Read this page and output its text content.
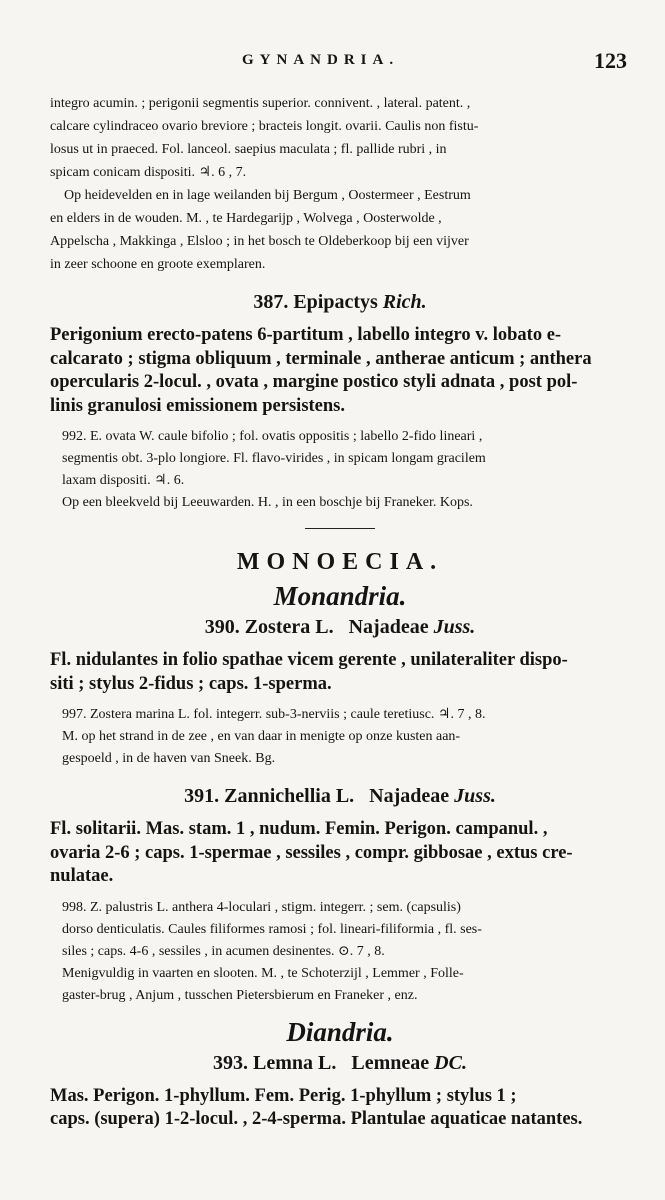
GYNANDRIA.	123

integro acumin. ; perigonii segmentis superior. connivent. , lateral. patent. ,

calcare cylindraceo ovario breviore ; bracteis longit. ovarii. Caulis non fistu-

losus ut in praeced. Fol. lanceol. saepius maculata ; fl. pallide rubri , in

spicam conicam dispositi. ♃. 6 , 7.

Op heidevelden en in lage weilanden bij Bergum , Oostermeer , Eestrum

en elders in de wouden. M. , te Hardegarijp , Wolvega , Oosterwolde ,

Appelscha , Makkinga , Elsloo ; in het bosch te Oldeberkoop bij een vijver

in zeer schoone en groote exemplaren.

387. Epipactys Rich.

Perigonium erecto-patens 6-partitum , labello integro v. lobato e-

calcarato ; stigma obliquum , terminale , antherae anticum ; anthera

opercularis 2-locul. , ovata , margine postico styli adnata , post pol-

linis granulosi emissionem persistens.

992. E. ovata W. caule bifolio ; fol. ovatis oppositis ; labello 2-fido lineari ,

segmentis obt. 3-plo longiore. Fl. flavo-virides , in spicam longam gracilem

laxam dispositi. ♃. 6.

Op een bleekveld bij Leeuwarden. H. , in een boschje bij Franeker. Kops.

MONOECIA.
Monandria.
390. Zostera L. Najadeae Juss.

Fl. nidulantes in folio spathae vicem gerente , unilateraliter dispo-

siti ; stylus 2-fidus ; caps. 1-sperma.

997. Zostera marina L. fol. integerr. sub-3-nerviis ; caule teretiusc. ♃. 7 , 8.

M. op het strand in de zee , en van daar in menigte op onze kusten aan-

gespoeld , in de haven van Sneek. Bg.

391. Zannichellia L. Najadeae Juss.

Fl. solitarii. Mas. stam. 1 , nudum. Femin. Perigon. campanul. ,

ovaria 2-6 ; caps. 1-spermae , sessiles , compr. gibbosae , extus cre-

nulatae.

998. Z. palustris L. anthera 4-loculari , stigm. integerr. ; sem. (capsulis)

dorso denticulatis. Caules filiformes ramosi ; fol. lineari-filiformia , fl. ses-

siles ; caps. 4-6 , sessiles , in acumen desinentes. ⊙. 7 , 8.

Menigvuldig in vaarten en slooten. M. , te Schoterzijl , Lemmer , Folle-

gaster-brug , Anjum , tusschen Pietersbierum en Franeker , enz.

Diandria.
393. Lemna L. Lemneae DC.

Mas. Perigon. 1-phyllum. Fem. Perig. 1-phyllum ; stylus 1 ;

caps. (supera) 1-2-locul. , 2-4-sperma. Plantulae aquaticae natantes.
